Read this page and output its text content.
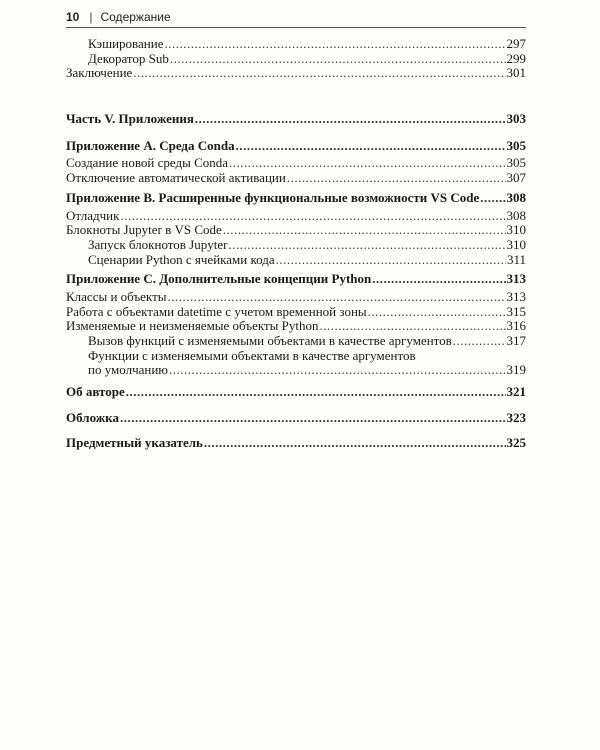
10 | Содержание
Кэширование .....	297
Декоратор Sub .....	299
Заключение .....	301
Часть V. Приложения .....	303
Приложение А. Среда Conda .....	305
Создание новой среды Conda .....	305
Отключение автоматической активации .....	307
Приложение В. Расширенные функциональные возможности VS Code ..... 308
Отладчик .....	308
Блокноты Jupyter в VS Code .....	310
Запуск блокнотов Jupyter .....	310
Сценарии Python с ячейками кода .....	311
Приложение С. Дополнительные концепции Python .....	313
Классы и объекты .....	313
Работа с объектами datetime с учетом временной зоны .....	315
Изменяемые и неизменяемые объекты Python .....	316
Вызов функций с изменяемыми объектами в качестве аргументов .....	317
Функции с изменяемыми объектами в качестве аргументов
по умолчанию .....	319
Об авторе .....	321
Обложка .....	323
Предметный указатель .....	325
